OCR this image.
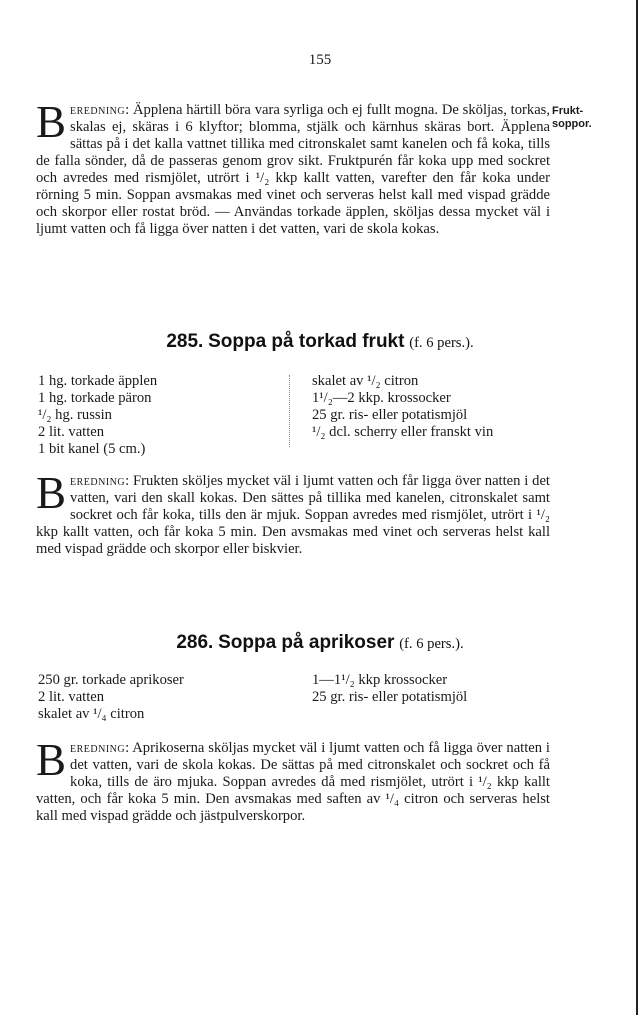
155
Frukt-
soppor.

Beredning: Äpplena härtill böra vara syrliga och ej fullt mogna. De sköljas, torkas, skalas ej, skäras i 6 klyftor; blomma, stjälk och kärnhus skäras bort. Äpplena sättas på i det kalla vattnet tillika med citronskalet samt kanelen och få koka, tills de falla sönder, då de passeras genom grov sikt. Fruktpurén får koka upp med sockret och avredes med rismjölet, utrört i ¹/₂ kkp kallt vatten, varefter den får koka under rörning 5 min. Soppan avsmakas med vinet och serveras helst kall med vispad grädde och skorpor eller rostat bröd. — Användas torkade äpplen, sköljas dessa mycket väl i ljumt vatten och få ligga över natten i det vatten, vari de skola kokas.

285. Soppa på torkad frukt (f. 6 pers.).
1 hg. torkade äpplen
1 hg. torkade päron
¹/₂ hg. russin
2 lit. vatten
1 bit kanel (5 cm.)
skalet av ¹/₂ citron
1¹/₂—2 kkp. krossocker
25 gr. ris- eller potatismjöl
¹/₂ dcl. scherry eller franskt vin

Beredning: Frukten sköljes mycket väl i ljumt vatten och får ligga över natten i det vatten, vari den skall kokas. Den sättes på tillika med kanelen, citronskalet samt sockret och får koka, tills den är mjuk. Soppan avredes med rismjölet, utrört i ¹/₂ kkp kallt vatten, och får koka 5 min. Den avsmakas med vinet och serveras helst kall med vispad grädde och skorpor eller biskvier.

286. Soppa på aprikoser (f. 6 pers.).
250 gr. torkade aprikoser
2 lit. vatten
skalet av ¹/₄ citron
1—1¹/₂ kkp krossocker
25 gr. ris- eller potatismjöl

Beredning: Aprikoserna sköljas mycket väl i ljumt vatten och få ligga över natten i det vatten, vari de skola kokas. De sättas på med citronskalet och sockret och få koka, tills de äro mjuka. Soppan avredes då med rismjölet, utrört i ¹/₂ kkp kallt vatten, och får koka 5 min. Den avsmakas med saften av ¹/₄ citron och serveras helst kall med vispad grädde och jästpulverskorpor.
